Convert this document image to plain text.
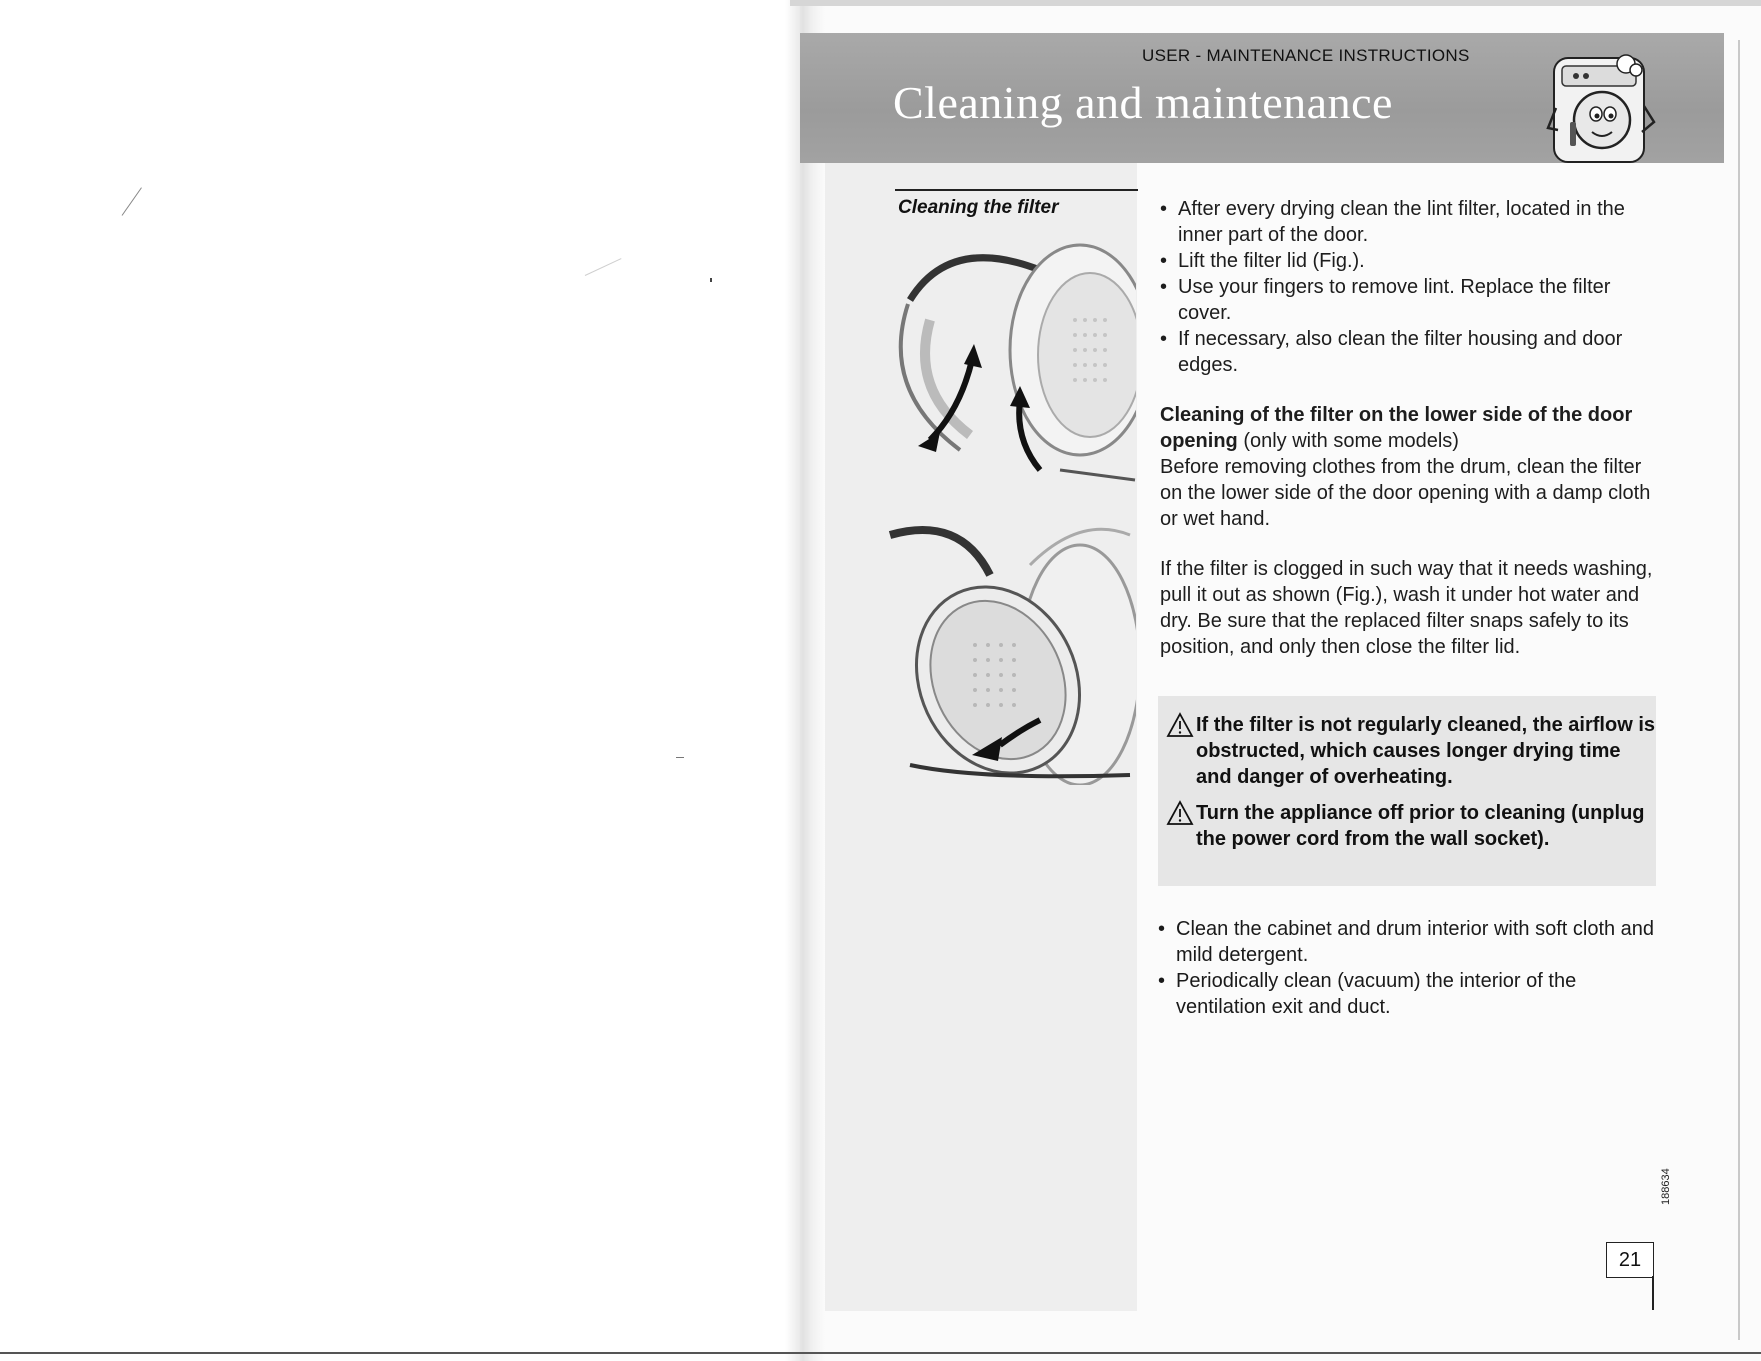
USER - MAINTENANCE INSTRUCTIONS
Cleaning and maintenance
Cleaning the filter	• After every drying clean the lint filter, located in the inner part of the door.
• Lift the filter lid (Fig.).
• Use your fingers to remove lint. Replace the filter cover.
• If necessary, also clean the filter housing and door edges.

Cleaning of the filter on the lower side of the door opening (only with some models)
Before removing clothes from the drum, clean the filter on the lower side of the door opening with a damp cloth or wet hand.

If the filter is clogged in such way that it needs washing, pull it out as shown (Fig.), wash it under hot water and dry. Be sure that the replaced filter snaps safely to its position, and only then close the filter lid.

If the filter is not regularly cleaned, the airflow is obstructed, which causes longer drying time and danger of overheating.
Turn the appliance off prior to cleaning (unplug the power cord from the wall socket).
• Clean the cabinet and drum interior with soft cloth and mild detergent.
• Periodically clean (vacuum) the interior of the ventilation exit and duct.
188634
21
